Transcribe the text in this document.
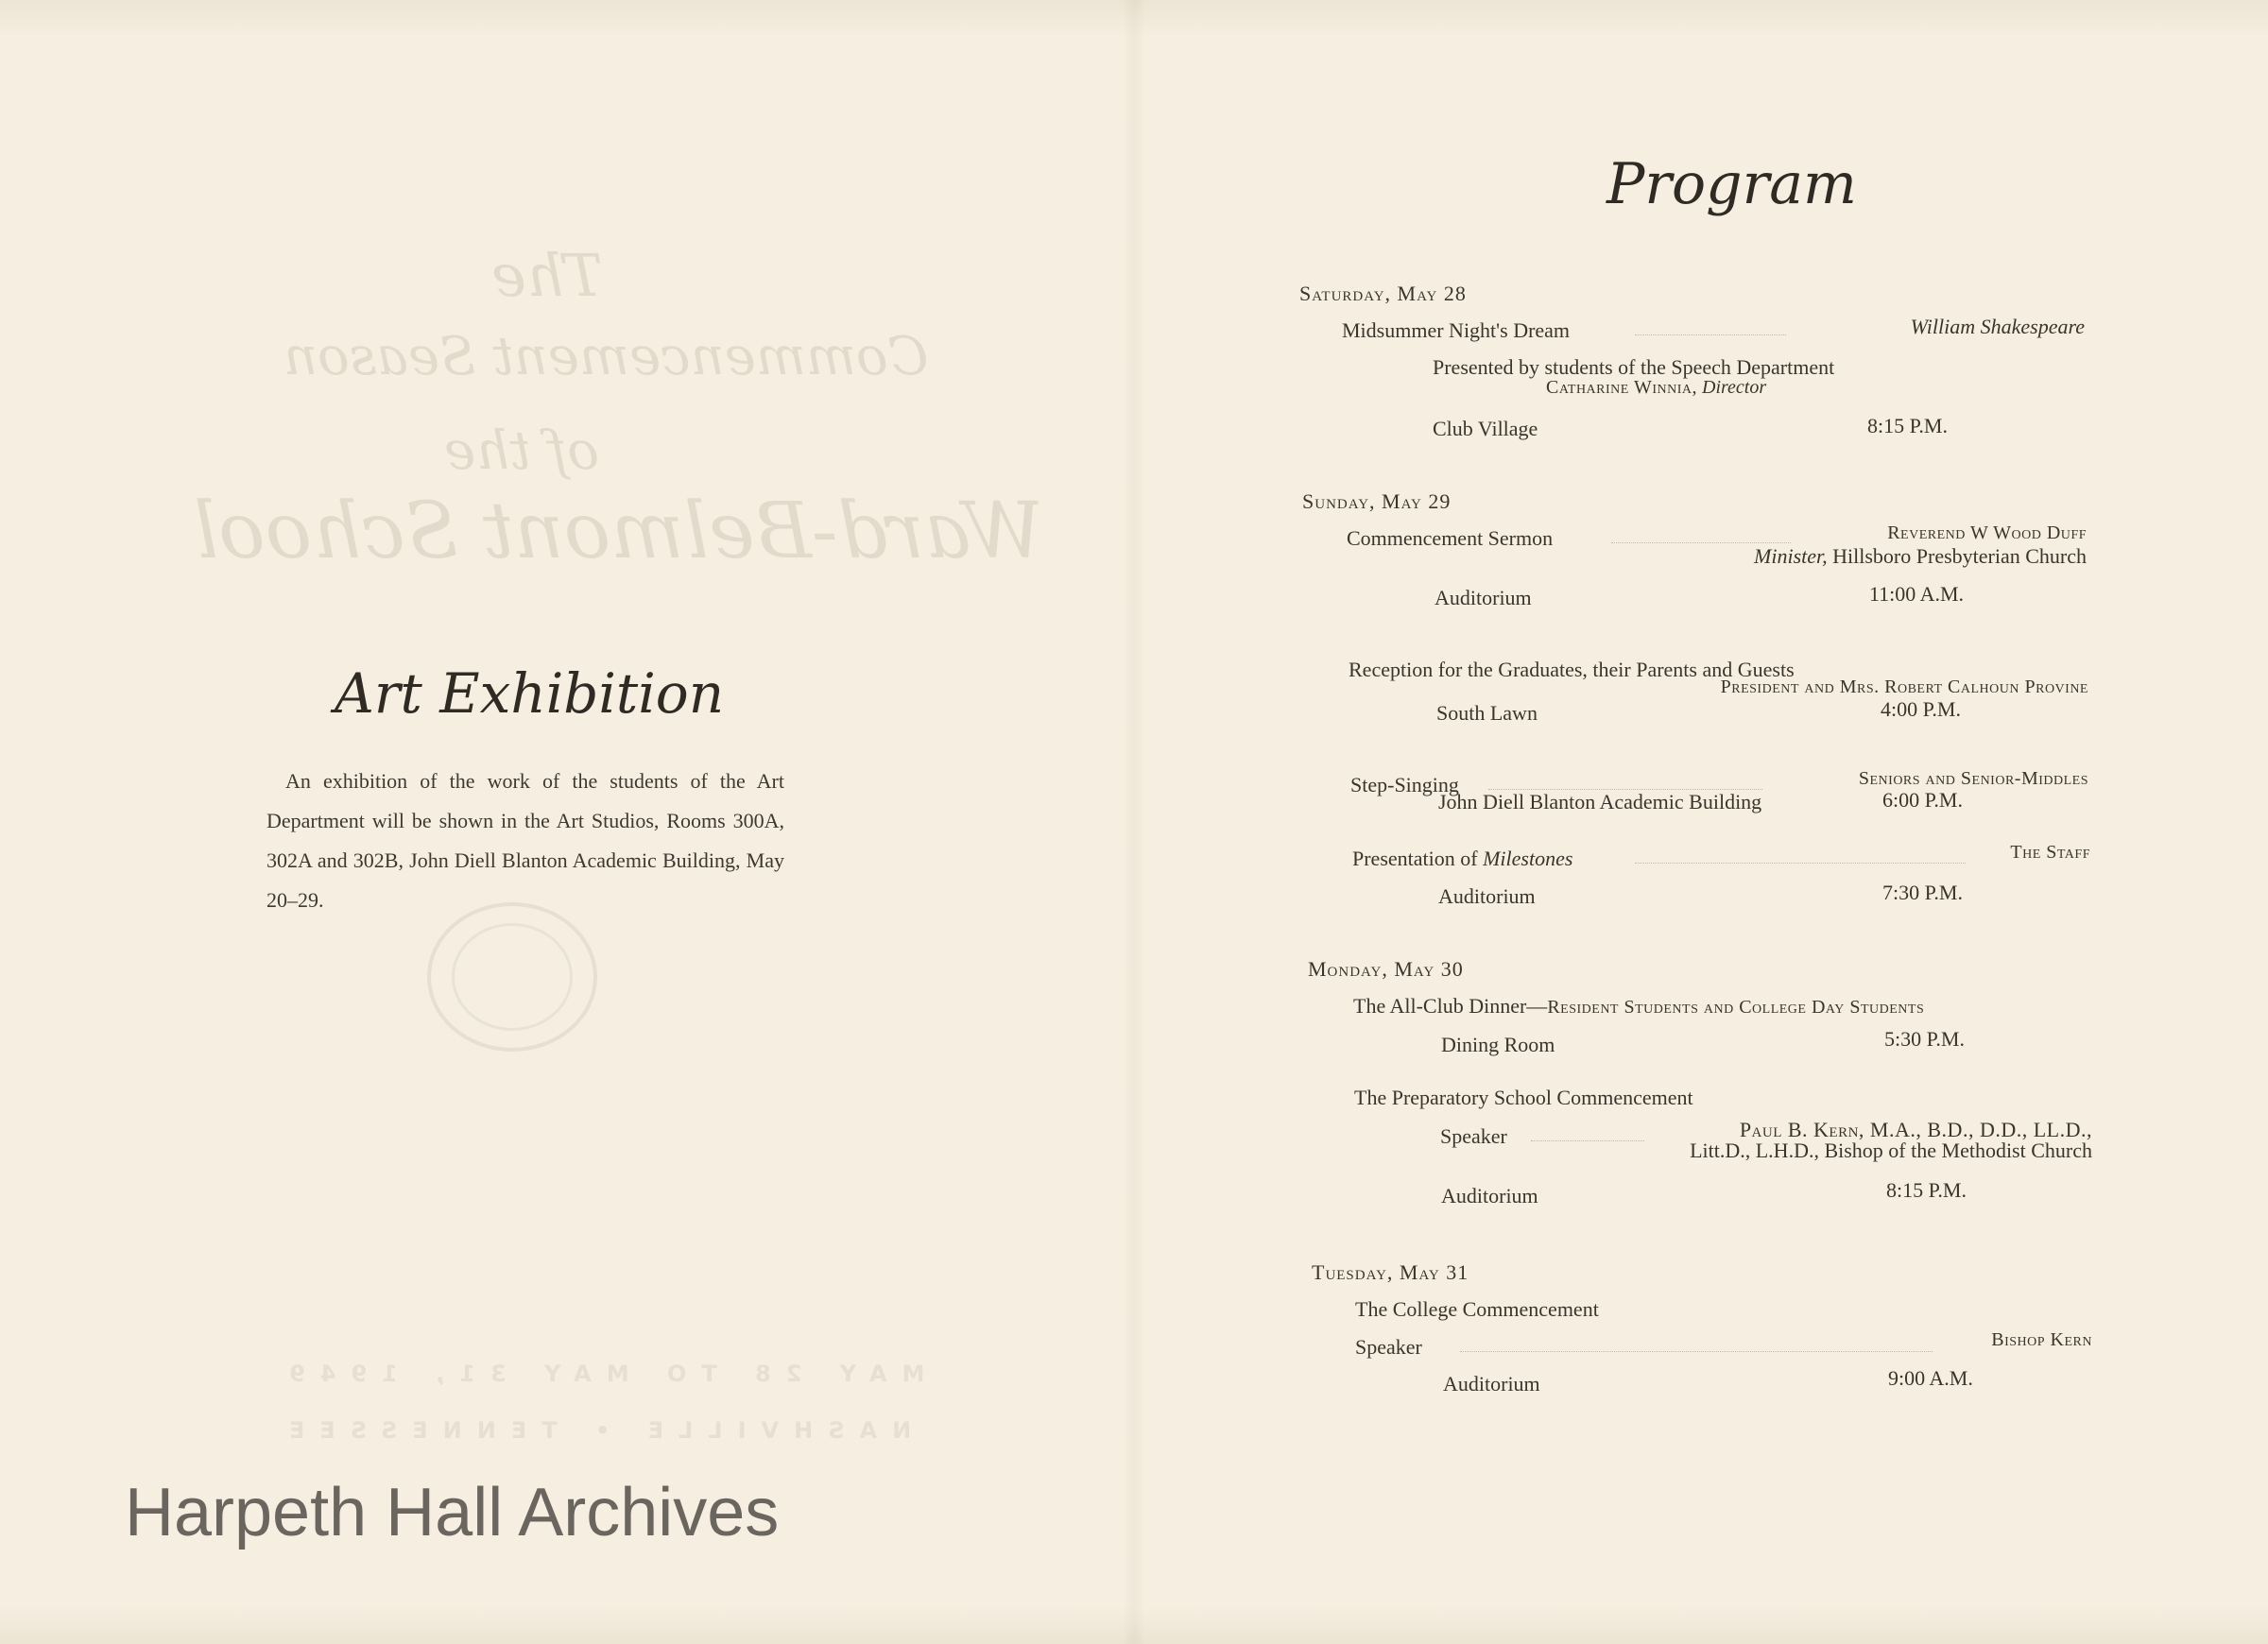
The
Commencement Season
of the
Ward-Belmont School
MAY 28 TO MAY 31, 1949
NASHVILLE • TENNESSEE
Art Exhibition
An exhibition of the work of the students of the Art Department will be shown in the Art Studios, Rooms 300A, 302A and 302B, John Diell Blanton Academic Building, May 20–29.
Harpeth Hall Archives
Program
Saturday, May 28
Midsummer Night's Dream	William Shakespeare
Presented by students of the Speech Department
Catharine Winnia, Director
Club Village	8:15 P.M.
Sunday, May 29
Commencement Sermon	Reverend W Wood Duff
Minister, Hillsboro Presbyterian Church
Auditorium	11:00 A.M.
Reception for the Graduates, their Parents and Guests
President and Mrs. Robert Calhoun Provine
South Lawn	4:00 P.M.
Step-Singing	Seniors and Senior-Middles
John Diell Blanton Academic Building	6:00 P.M.
Presentation of Milestones	The Staff
Auditorium	7:30 P.M.
Monday, May 30
The All-Club Dinner—Resident Students and College Day Students
Dining Room	5:30 P.M.
The Preparatory School Commencement
Speaker	Paul B. Kern, M.A., B.D., D.D., LL.D.,
Litt.D., L.H.D., Bishop of the Methodist Church
Auditorium	8:15 P.M.
Tuesday, May 31
The College Commencement
Speaker	Bishop Kern
Auditorium	9:00 A.M.
